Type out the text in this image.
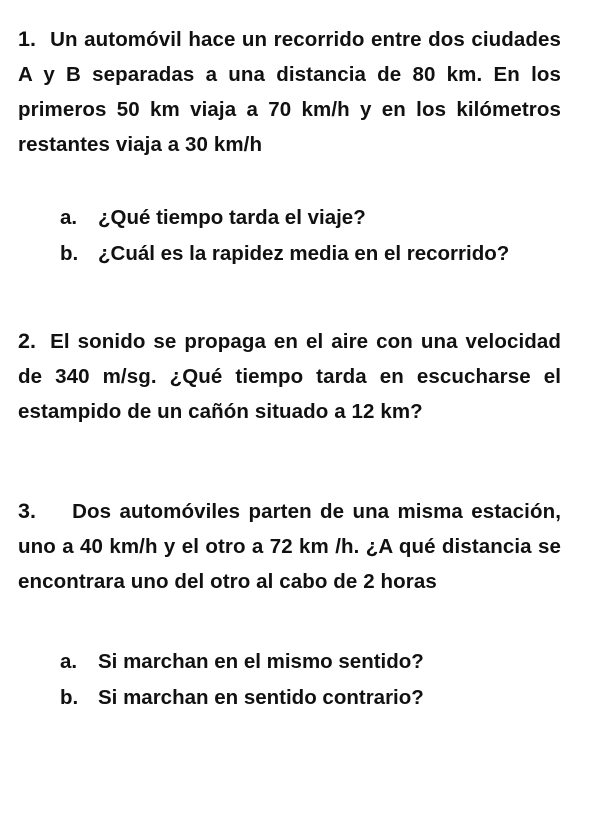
1. Un automóvil hace un recorrido entre dos ciudades A y B separadas a una distancia de 80 km. En los primeros 50 km viaja a 70 km/h y en los kilómetros restantes viaja a 30 km/h
a.	¿Qué tiempo tarda el viaje?
b. ¿Cuál es la rapidez media en el recorrido?
2. El sonido se propaga en el aire con una velocidad de 340 m/sg. ¿Qué tiempo tarda en escucharse el estampido de un cañón situado a 12 km?
3. Dos automóviles parten de una misma estación, uno a 40 km/h y el otro a 72 km /h. ¿A qué distancia se encontrara uno del otro al cabo de 2 horas
a.	Si marchan en el mismo sentido?
b. Si marchan en sentido contrario?
